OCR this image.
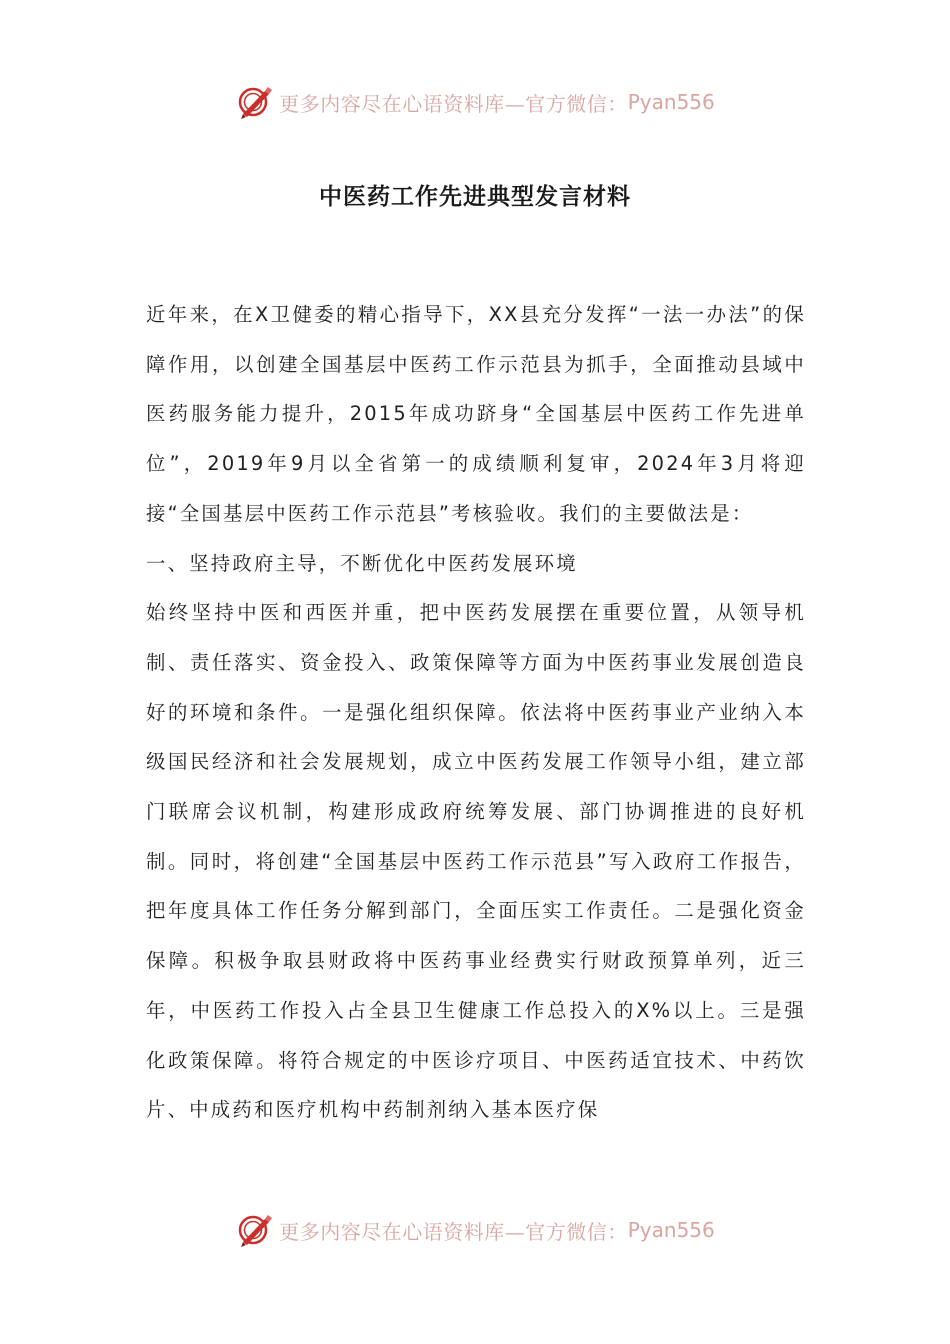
更多内容尽在心语资料库—官方微信： Pyan556
中医药工作先进典型发言材料

近年来，在X卫健委的精心指导下，XX县充分发挥“一法一办法”的保障作用，以创建全国基层中医药工作示范县为抓手，全面推动县域中医药服务能力提升，2015年成功跻身“全国基层中医药工作先进单位”，2019年9月以全省第一的成绩顺利复审，2024年3月将迎接“全国基层中医药工作示范县”考核验收。我们的主要做法是：

一、坚持政府主导，不断优化中医药发展环境

始终坚持中医和西医并重，把中医药发展摆在重要位置，从领导机制、责任落实、资金投入、政策保障等方面为中医药事业发展创造良好的环境和条件。一是强化组织保障。依法将中医药事业产业纳入本级国民经济和社会发展规划，成立中医药发展工作领导小组，建立部门联席会议机制，构建形成政府统筹发展、部门协调推进的良好机制。同时，将创建“全国基层中医药工作示范县”写入政府工作报告，把年度具体工作任务分解到部门，全面压实工作责任。二是强化资金保障。积极争取县财政将中医药事业经费实行财政预算单列，近三年，中医药工作投入占全县卫生健康工作总投入的X%以上。三是强化政策保障。将符合规定的中医诊疗项目、中医药适宜技术、中药饮片、中成药和医疗机构中药制剂纳入基本医疗保

更多内容尽在心语资料库—官方微信： Pyan556
